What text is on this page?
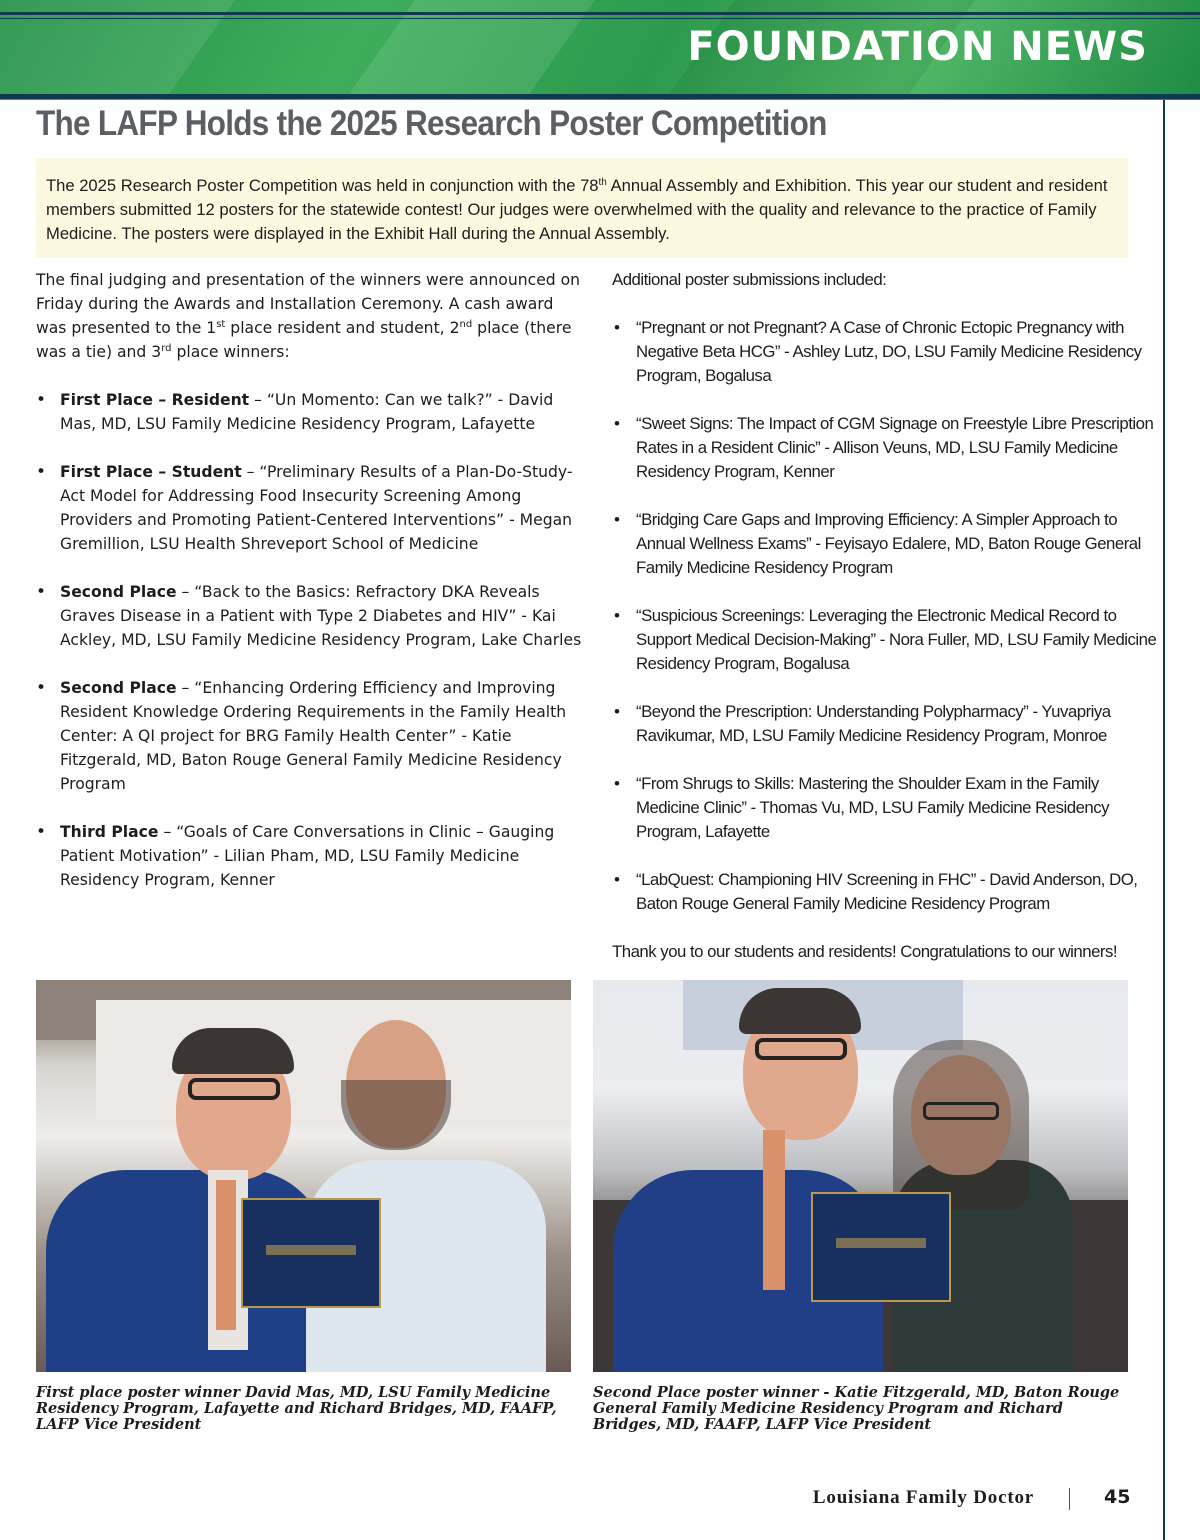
FOUNDATION NEWS
The LAFP Holds the 2025 Research Poster Competition

The 2025 Research Poster Competition was held in conjunction with the 78th Annual Assembly and Exhibition. This year our student and resident members submitted 12 posters for the statewide contest! Our judges were overwhelmed with the quality and relevance to the practice of Family Medicine. The posters were displayed in the Exhibit Hall during the Annual Assembly.

The final judging and presentation of the winners were announced on Friday during the Awards and Installation Ceremony. A cash award was presented to the 1st place resident and student, 2nd place (there was a tie) and 3rd place winners:

• First Place – Resident – “Un Momento: Can we talk?” - David Mas, MD, LSU Family Medicine Residency Program, Lafayette
• First Place – Student – “Preliminary Results of a Plan-Do-Study-Act Model for Addressing Food Insecurity Screening Among Providers and Promoting Patient-Centered Interventions” - Megan Gremillion, LSU Health Shreveport School of Medicine
• Second Place – “Back to the Basics: Refractory DKA Reveals Graves Disease in a Patient with Type 2 Diabetes and HIV” - Kai Ackley, MD, LSU Family Medicine Residency Program, Lake Charles
• Second Place – “Enhancing Ordering Efficiency and Improving Resident Knowledge Ordering Requirements in the Family Health Center: A QI project for BRG Family Health Center” - Katie Fitzgerald, MD, Baton Rouge General Family Medicine Residency Program
• Third Place – “Goals of Care Conversations in Clinic – Gauging Patient Motivation” - Lilian Pham, MD, LSU Family Medicine Residency Program, Kenner

Additional poster submissions included:

• “Pregnant or not Pregnant? A Case of Chronic Ectopic Pregnancy with Negative Beta HCG” - Ashley Lutz, DO, LSU Family Medicine Residency Program, Bogalusa
• “Sweet Signs: The Impact of CGM Signage on Freestyle Libre Prescription Rates in a Resident Clinic” - Allison Veuns, MD, LSU Family Medicine Residency Program, Kenner
• “Bridging Care Gaps and Improving Efficiency: A Simpler Approach to Annual Wellness Exams” - Feyisayo Edalere, MD, Baton Rouge General Family Medicine Residency Program
• “Suspicious Screenings: Leveraging the Electronic Medical Record to Support Medical Decision-Making” - Nora Fuller, MD, LSU Family Medicine Residency Program, Bogalusa
• “Beyond the Prescription: Understanding Polypharmacy” - Yuvapriya Ravikumar, MD, LSU Family Medicine Residency Program, Monroe
• “From Shrugs to Skills: Mastering the Shoulder Exam in the Family Medicine Clinic” - Thomas Vu, MD, LSU Family Medicine Residency Program, Lafayette
• “LabQuest: Championing HIV Screening in FHC” - David Anderson, DO, Baton Rouge General Family Medicine Residency Program

Thank you to our students and residents! Congratulations to our winners!

First place poster winner David Mas, MD, LSU Family Medicine Residency Program, Lafayette and Richard Bridges, MD, FAAFP, LAFP Vice President

Second Place poster winner - Katie Fitzgerald, MD, Baton Rouge General Family Medicine Residency Program and Richard Bridges, MD, FAAFP, LAFP Vice President

Louisiana Family Doctor	45
